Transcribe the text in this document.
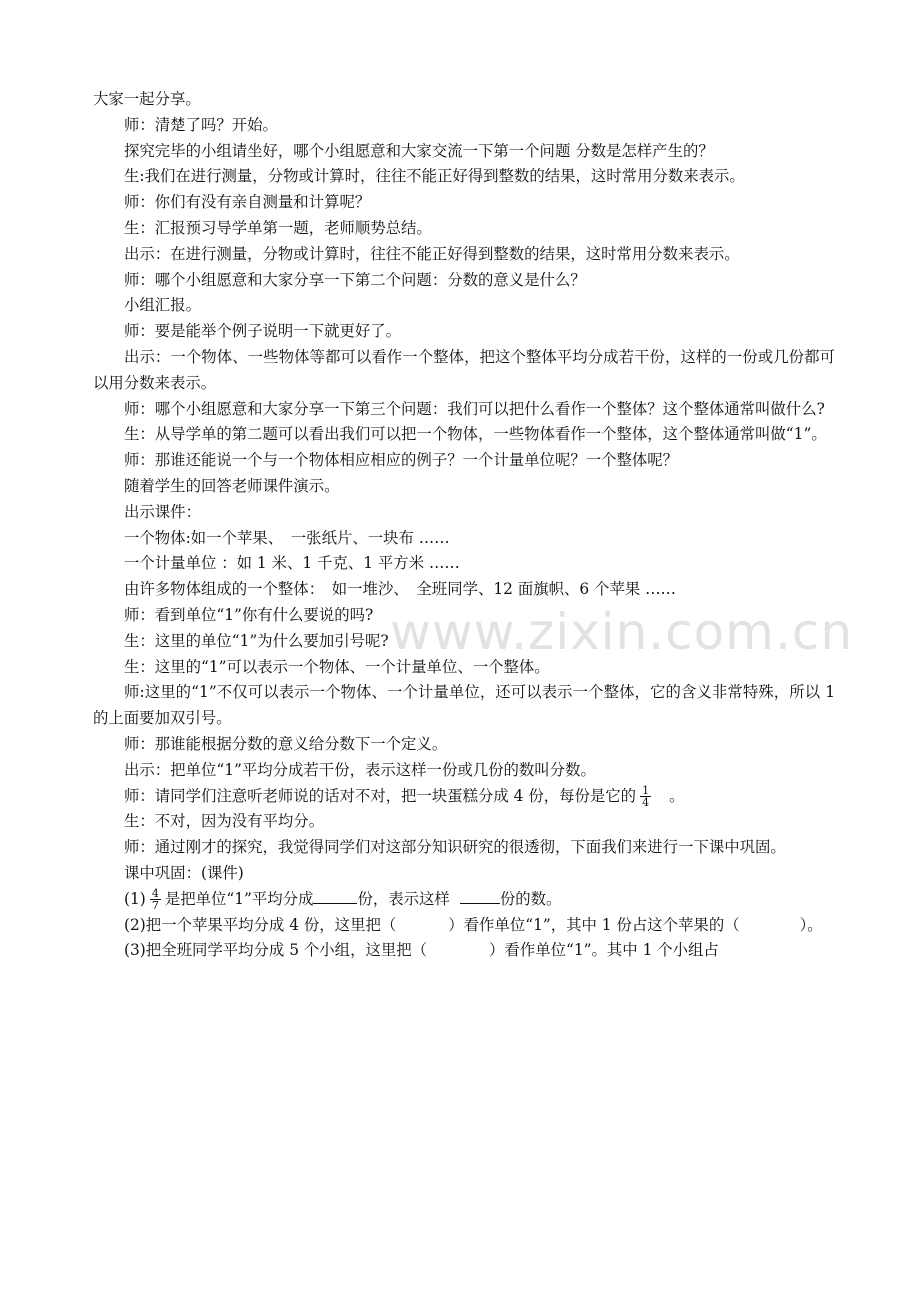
大家一起分享。

师：清楚了吗？开始。

探究完毕的小组请坐好，哪个小组愿意和大家交流一下第一个问题 分数是怎样产生的？

生:我们在进行测量，分物或计算时，往往不能正好得到整数的结果，这时常用分数来表示。

师：你们有没有亲自测量和计算呢？

生：汇报预习导学单第一题，老师顺势总结。

出示：在进行测量，分物或计算时，往往不能正好得到整数的结果，这时常用分数来表示。

师：哪个小组愿意和大家分享一下第二个问题：分数的意义是什么？

小组汇报。

师：要是能举个例子说明一下就更好了。

出示：一个物体、一些物体等都可以看作一个整体，把这个整体平均分成若干份，这样的一份或几份都可以用分数来表示。

师：哪个小组愿意和大家分享一下第三个问题：我们可以把什么看作一个整体？这个整体通常叫做什么?

生：从导学单的第二题可以看出我们可以把一个物体，一些物体看作一个整体，这个整体通常叫做“1”。

师：那谁还能说一个与一个物体相应相应的例子？一个计量单位呢？一个整体呢？

随着学生的回答老师课件演示。

出示课件：

一个物体:如一个苹果、　一张纸片、一块布 ……

一个计量单位 ：如 1 米、1 千克、1 平方米 ……

由许多物体组成的一个整体：　如一堆沙、　全班同学、12 面旗帜、6 个苹果 ……

师：看到单位“1”你有什么要说的吗?

生：这里的单位“1”为什么要加引号呢?

生：这里的“1”可以表示一个物体、一个计量单位、一个整体。

师:这里的“1”不仅可以表示一个物体、一个计量单位，还可以表示一个整体，它的含义非常特殊，所以 1 的上面要加双引号。

师：那谁能根据分数的意义给分数下一个定义。

出示：把单位“1”平均分成若干份，表示这样一份或几份的数叫分数。

师：请同学们注意听老师说的话对不对，把一块蛋糕分成 4 份，每份是它的 $\frac{1}{4}$ 。

生：不对，因为没有平均分。

师：通过刚才的探究，我觉得同学们对这部分知识研究的很透彻，下面我们来进行一下课中巩固。

课中巩固：(课件)

$(1) \frac{4}{7}$ 是把单位“1”平均分成	份，表示这样	份的数。

(2)把一个苹果平均分成 4 份，这里把（	）看作单位“1”，其中 1 份占这个苹果的（	）。

(3)把全班同学平均分成 5 个小组，这里把（	）看作单位“1”。其中 1 个小组占

www.zixin.com.cn
